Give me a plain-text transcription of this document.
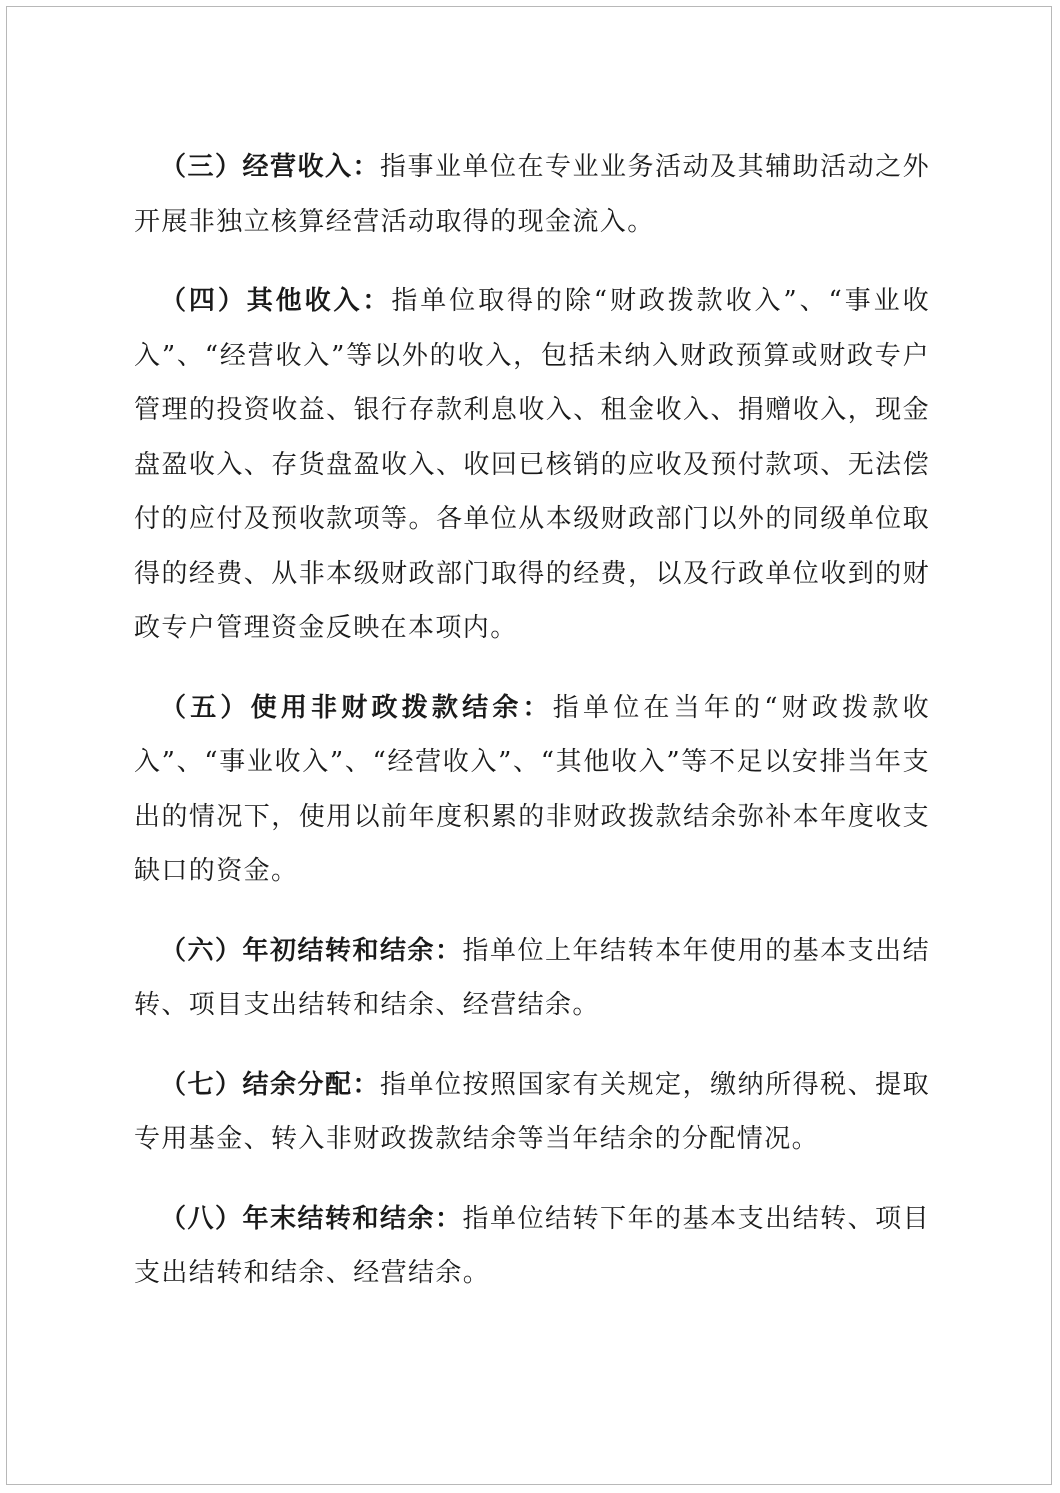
（三）经营收入：指事业单位在专业业务活动及其辅助活动之外开展非独立核算经营活动取得的现金流入。

（四）其他收入：指单位取得的除“财政拨款收入”、“事业收入”、“经营收入”等以外的收入，包括未纳入财政预算或财政专户管理的投资收益、银行存款利息收入、租金收入、捐赠收入，现金盘盈收入、存货盘盈收入、收回已核销的应收及预付款项、无法偿付的应付及预收款项等。各单位从本级财政部门以外的同级单位取得的经费、从非本级财政部门取得的经费，以及行政单位收到的财政专户管理资金反映在本项内。

（五）使用非财政拨款结余：指单位在当年的“财政拨款收入”、“事业收入”、“经营收入”、“其他收入”等不足以安排当年支出的情况下，使用以前年度积累的非财政拨款结余弥补本年度收支缺口的资金。

（六）年初结转和结余：指单位上年结转本年使用的基本支出结转、项目支出结转和结余、经营结余。

（七）结余分配：指单位按照国家有关规定，缴纳所得税、提取专用基金、转入非财政拨款结余等当年结余的分配情况。

（八）年末结转和结余：指单位结转下年的基本支出结转、项目支出结转和结余、经营结余。
